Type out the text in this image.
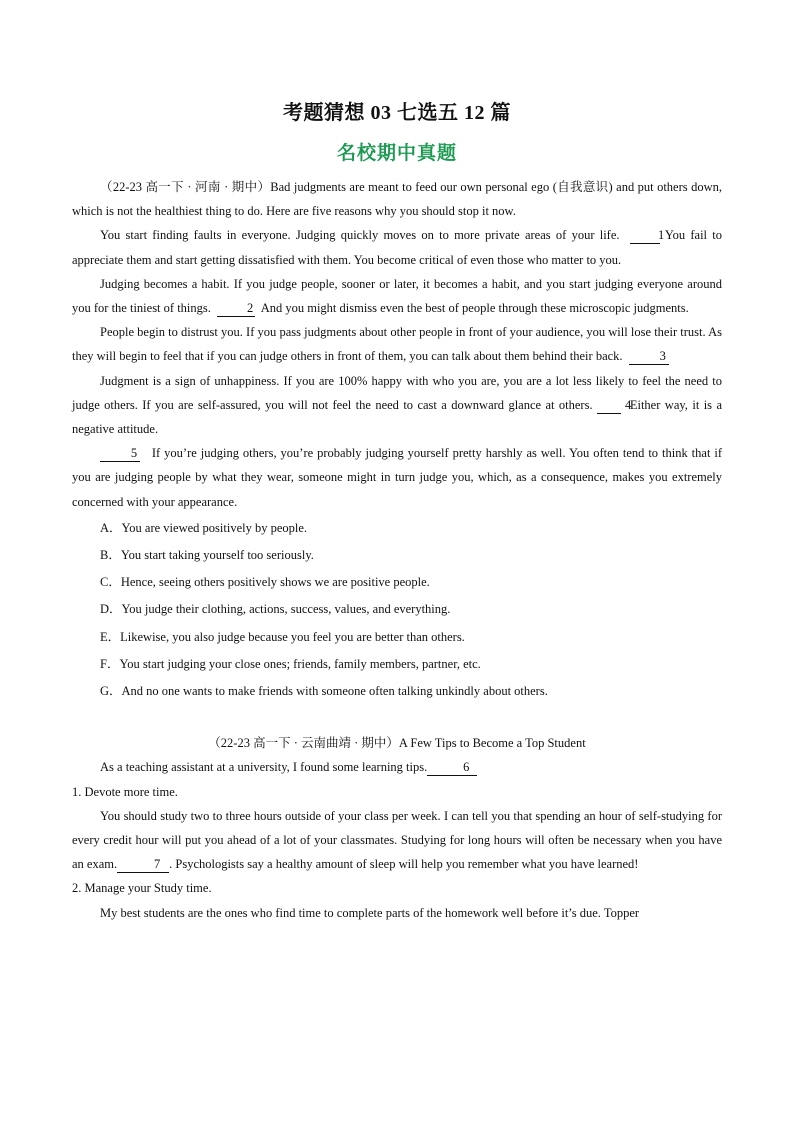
考题猜想 03 七选五 12 篇
名校期中真题

（22-23 高一下 · 河南 · 期中）Bad judgments are meant to feed our own personal ego (自我意识) and put others down, which is not the healthiest thing to do. Here are five reasons why you should stop it now.

You start finding faults in everyone. Judging quickly moves on to more private areas of your life.	1 You fail to appreciate them and start getting dissatisfied with them. You become critical of even those who matter to you.

Judging becomes a habit. If you judge people, sooner or later, it becomes a habit, and you start judging everyone around you for the tiniest of things.	2 And you might dismiss even the best of people through these microscopic judgments.

People begin to distrust you. If you pass judgments about other people in front of your audience, you will lose their trust. As they will begin to feel that if you can judge others in front of them, you can talk about them behind their back.	3

Judgment is a sign of unhappiness. If you are 100% happy with who you are, you are a lot less likely to feel the need to judge others. If you are self-assured, you will not feel the need to cast a downward glance at others.	4  Either way, it is a negative attitude.

5 If you’re judging others, you’re probably judging yourself pretty harshly as well. You often tend to think that if you are judging people by what they wear, someone might in turn judge you, which, as a consequence, makes you extremely concerned with your appearance.

A．You are viewed positively by people.

B．You start taking yourself too seriously.

C．Hence, seeing others positively shows we are positive people.

D．You judge their clothing, actions, success, values, and everything.

E．Likewise, you also judge because you feel you are better than others.

F．You start judging your close ones; friends, family members, partner, etc.

G．And no one wants to make friends with someone often talking unkindly about others.

（22-23 高一下 · 云南曲靖 · 期中）A Few Tips to Become a Top Student

As a teaching assistant at a university, I found some learning tips.	6

1. Devote more time.

You should study two to three hours outside of your class per week. I can tell you that spending an hour of self-studying for every credit hour will put you ahead of a lot of your classmates. Studying for long hours will often be necessary when you have an exam.	7 . Psychologists say a healthy amount of sleep will help you remember what you have learned!

2. Manage your Study time.

My best students are the ones who find time to complete parts of the homework well before it’s due. Topper
